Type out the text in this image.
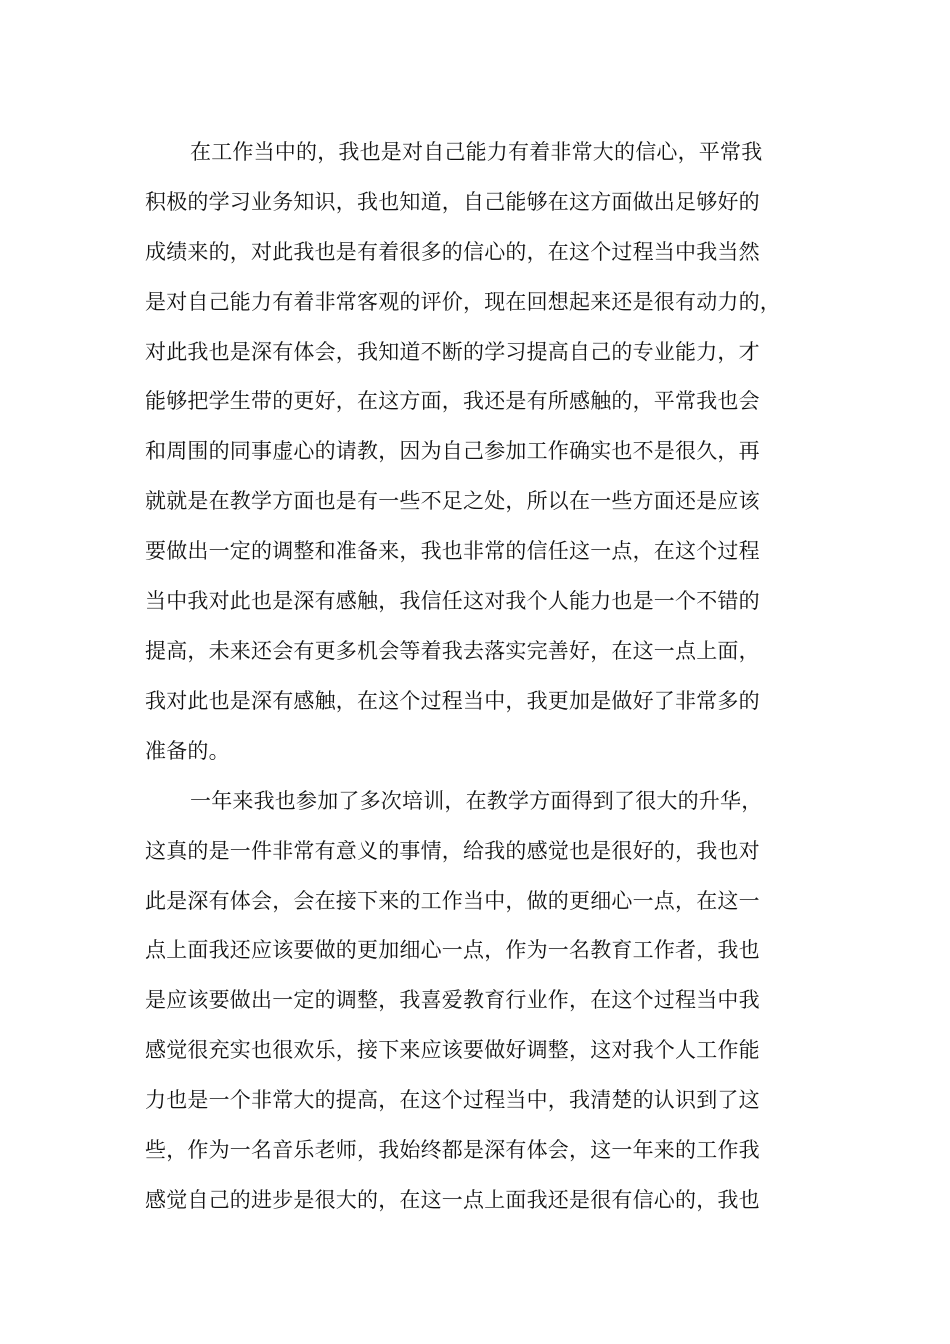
在工作当中的，我也是对自己能力有着非常大的信心，平常我
积极的学习业务知识，我也知道，自己能够在这方面做出足够好的
成绩来的，对此我也是有着很多的信心的，在这个过程当中我当然
是对自己能力有着非常客观的评价，现在回想起来还是很有动力的，
对此我也是深有体会，我知道不断的学习提高自己的专业能力，才
能够把学生带的更好，在这方面，我还是有所感触的，平常我也会
和周围的同事虚心的请教，因为自己参加工作确实也不是很久，再
就就是在教学方面也是有一些不足之处，所以在一些方面还是应该
要做出一定的调整和准备来，我也非常的信任这一点，在这个过程
当中我对此也是深有感触，我信任这对我个人能力也是一个不错的
提高，未来还会有更多机会等着我去落实完善好，在这一点上面，
我对此也是深有感触，在这个过程当中，我更加是做好了非常多的
准备的。
一年来我也参加了多次培训，在教学方面得到了很大的升华，
这真的是一件非常有意义的事情，给我的感觉也是很好的，我也对
此是深有体会，会在接下来的工作当中，做的更细心一点，在这一
点上面我还应该要做的更加细心一点，作为一名教育工作者，我也
是应该要做出一定的调整，我喜爱教育行业作，在这个过程当中我
感觉很充实也很欢乐，接下来应该要做好调整，这对我个人工作能
力也是一个非常大的提高，在这个过程当中，我清楚的认识到了这
些，作为一名音乐老师，我始终都是深有体会，这一年来的工作我
感觉自己的进步是很大的，在这一点上面我还是很有信心的，我也
